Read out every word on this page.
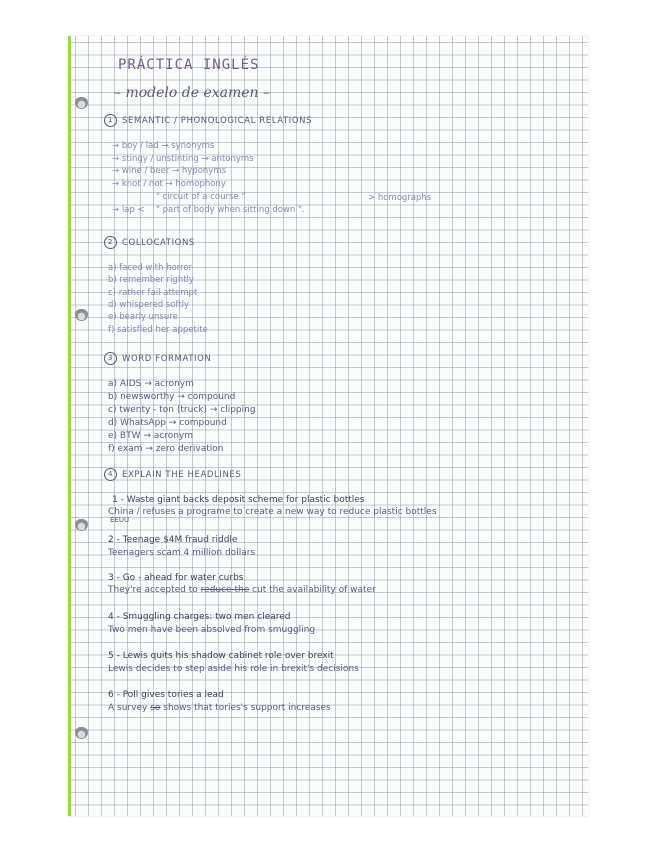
PRÁCTICA INGLÉS
– modelo de examen –
1 SEMANTIC / PHONOLOGICAL RELATIONS
→ boy / lad → synonyms
→ stingy / unstinting → antonyms
→ wine / beer → hyponyms
→ knot / not → homophony
" circuit of a course "
→ lap < " part of body when sitting down ".
> homographs
2 COLLOCATIONS
a) faced with horror
b) remember rightly
c) rather fail attempt
d) whispered softly
e) bearly unsure
f) satisfied her appetite
3 WORD FORMATION
a) AIDS → acronym
b) newsworthy → compound
c) twenty - ton (truck) → clipping
d) WhatsApp → compound
e) BTW → acronym
f) exam → zero derivation
4 EXPLAIN THE HEADLINES
1 - Waste giant backs deposit scheme for plastic bottles
China / refuses a programe to create a new way to reduce plastic bottles
EEUU
2 - Teenage $4M fraud riddle
Teenagers scam 4 million dollars
3 - Go - ahead for water curbs
They're accepted to reduce the cut the availability of water
4 - Smuggling charges: two men cleared
Two men have been absolved from smuggling
5 - Lewis quits his shadow cabinet role over brexit
Lewis decides to step aside his role in brexit's decisions
6 - Poll gives tories a lead
A survey so shows that tories's support increases
